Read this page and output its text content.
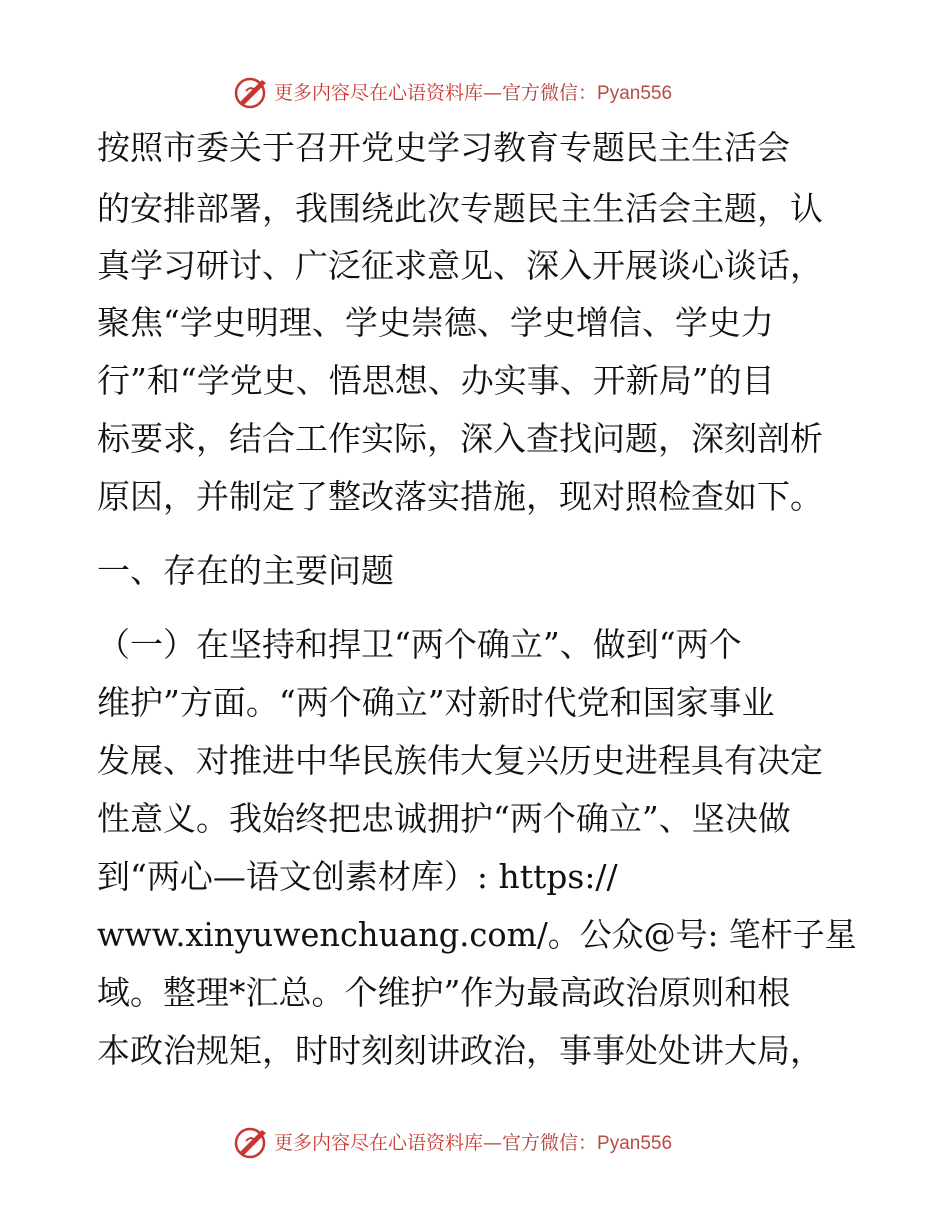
更多内容尽在心语资料库—官方微信：Pyan556
按照市委关于召开党史学习教育专题民主生活会
的安排部署，我围绕此次专题民主生活会主题，认
真学习研讨、广泛征求意见、深入开展谈心谈话，
聚焦“学史明理、学史崇德、学史增信、学史力
行”和“学党史、悟思想、办实事、开新局”的目
标要求，结合工作实际，深入查找问题，深刻剖析
原因，并制定了整改落实措施，现对照检查如下。
一、存在的主要问题
（一）在坚持和捍卫“两个确立”、做到“两个
维护”方面。“两个确立”对新时代党和国家事业
发展、对推进中华民族伟大复兴历史进程具有决定
性意义。我始终把忠诚拥护“两个确立”、坚决做
到“两心—语文创素材库）: https://
www.xinyuwenchuang.com/。公众@号: 笔杆子星
域。整理*汇总。个维护”作为最高政治原则和根
本政治规矩，时时刻刻讲政治，事事处处讲大局，
更多内容尽在心语资料库—官方微信：Pyan556
